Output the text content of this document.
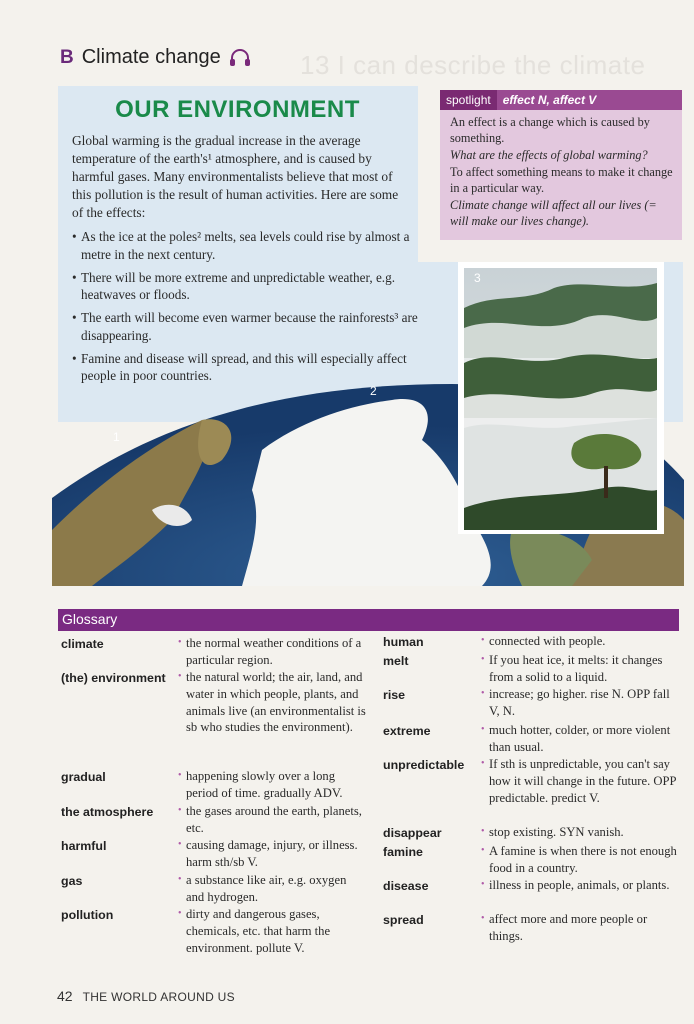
13 I can describe the climate
B Climate change
1
2
OUR ENVIRONMENT

Global warming is the gradual increase in the average temperature of the earth's¹ atmosphere, and is caused by harmful gases. Many environmentalists believe that most of this pollution is the result of human activities. Here are some of the effects:

• As the ice at the poles² melts, sea levels could rise by almost a metre in the next century.
• There will be more extreme and unpredictable weather, e.g. heatwaves or floods.
• The earth will become even warmer because the rainforests³ are disappearing.
• Famine and disease will spread, and this will especially affect people in poor countries.
spotlight	effect N, affect V

An effect is a change which is caused by something.

What are the effects of global warming?

To affect something means to make it change in a particular way.

Climate change will affect all our lives (= will make our lives change).

3
Glossary
climate	• the normal weather conditions of a particular region.
(the) environment • the natural world; the air, land, and water in which people, plants, and animals live (an environmentalist is sb who studies the environment).
gradual	• happening slowly over a long period of time. gradually ADV.
the atmosphere	• the gases around the earth, planets, etc.
harmful	• causing damage, injury, or illness. harm sth/sb V.
gas	• a substance like air, e.g. oxygen and hydrogen.
pollution	• dirty and dangerous gases, chemicals, etc. that harm the environment. pollute V.
human	• connected with people.
melt	• If you heat ice, it melts: it changes from a solid to a liquid.
rise	• increase; go higher. rise N. OPP fall V, N.
extreme	• much hotter, colder, or more violent than usual.
unpredictable • If sth is unpredictable, you can't say how it will change in the future. OPP predictable. predict V.
disappear	• stop existing. SYN vanish.
famine	• A famine is when there is not enough food in a country.
disease	• illness in people, animals, or plants.
spread	• affect more and more people or things.
42 THE WORLD AROUND US
